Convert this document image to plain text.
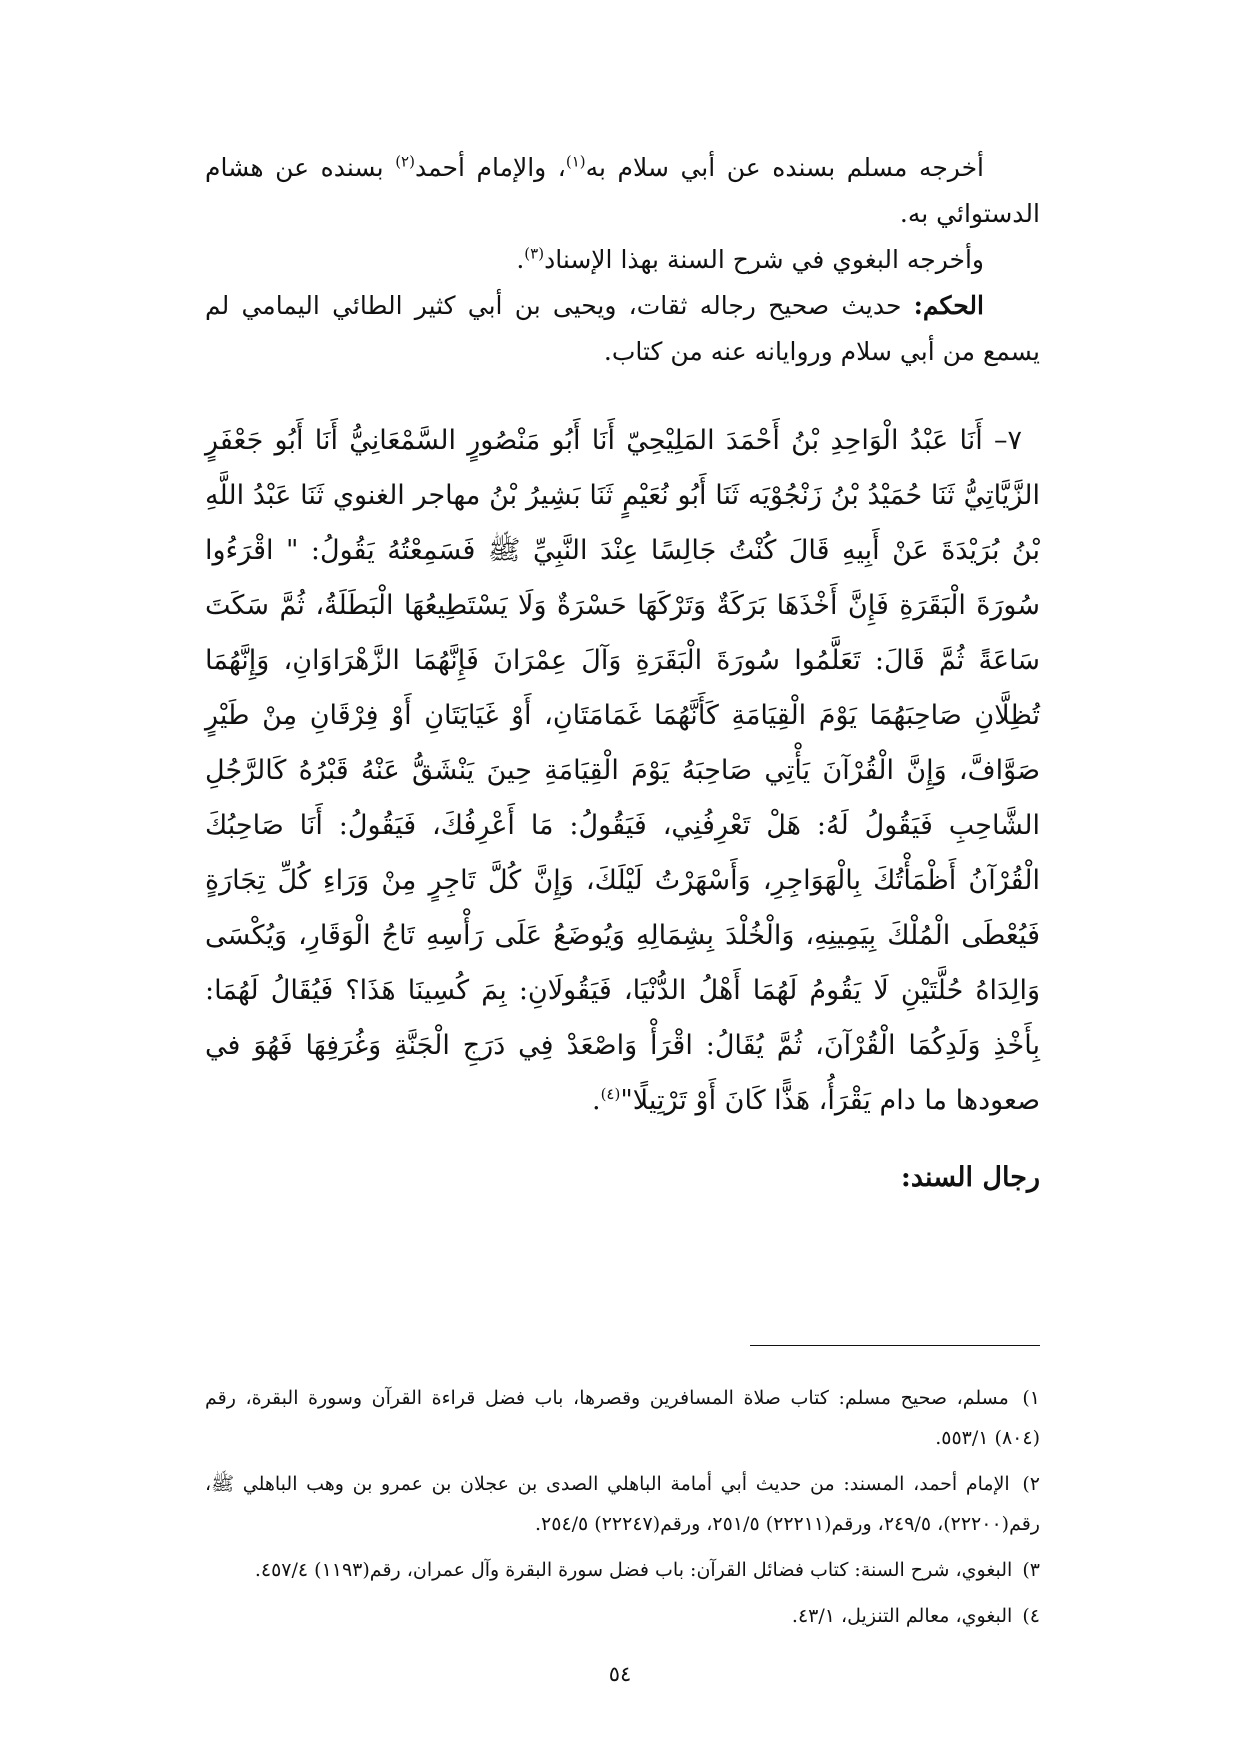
أخرجه مسلم بسنده عن أبي سلام به$^{(١)}$، والإمام أحمد$^{(٢)}$ بسنده عن هشام الدستوائي به.

وأخرجه البغوي في شرح السنة بهذا الإسناد$^{(٣)}$.

الحكم: حديث صحيح رجاله ثقات، ويحيى بن أبي كثير الطائي اليمامي لم يسمع من أبي سلام وروايانه عنه من كتاب.

٧– أَنَا عَبْدُ الْوَاحِدِ بْنُ أَحْمَدَ المَلِيْحِيّ أَنَا أَبُو مَنْصُورٍ السَّمْعَانِيُّ أَنَا أَبُو جَعْفَرٍ الزَّيَّاتِيُّ ثَنَا حُمَيْدُ بْنُ زَنْجُوْيَه ثَنَا أَبُو نُعَيْمٍ ثَنَا بَشِيرُ بْنُ مهاجر الغنوي ثَنَا عَبْدُ اللَّهِ بْنُ بُرَيْدَةَ عَنْ أَبِيهِ قَالَ كُنْتُ جَالِسًا عِنْدَ النَّبِيِّ ﷺ فَسَمِعْتُهُ يَقُولُ: " اقْرَءُوا سُورَةَ الْبَقَرَةِ فَإِنَّ أَخْذَهَا بَرَكَةٌ وَتَرْكَهَا حَسْرَةٌ وَلَا يَسْتَطِيعُهَا الْبَطَلَةُ، ثُمَّ سَكَتَ سَاعَةً ثُمَّ قَالَ: تَعَلَّمُوا سُورَةَ الْبَقَرَةِ وَآلَ عِمْرَانَ فَإِنَّهُمَا الزَّهْرَاوَانِ، وَإِنَّهُمَا تُظِلَّانِ صَاحِبَهُمَا يَوْمَ الْقِيَامَةِ كَأَنَّهُمَا غَمَامَتَانِ، أَوْ غَيَايَتَانِ أَوْ فِرْقَانِ مِنْ طَيْرٍ صَوَّافَّ، وَإِنَّ الْقُرْآنَ يَأْتِي صَاحِبَهُ يَوْمَ الْقِيَامَةِ حِينَ يَنْشَقُّ عَنْهُ قَبْرُهُ كَالرَّجُلِ الشَّاحِبِ فَيَقُولُ لَهُ: هَلْ تَعْرِفُنِي، فَيَقُولُ: مَا أَعْرِفُكَ، فَيَقُولُ: أَنَا صَاحِبُكَ الْقُرْآنُ أَظْمَأْتُكَ بِالْهَوَاجِرِ، وَأَسْهَرْتُ لَيْلَكَ، وَإِنَّ كُلَّ تَاجِرٍ مِنْ وَرَاءِ كُلِّ تِجَارَةٍ فَيُعْطَى الْمُلْكَ بِيَمِينِهِ، وَالْخُلْدَ بِشِمَالِهِ وَيُوضَعُ عَلَى رَأْسِهِ تَاجُ الْوَقَارِ، وَيُكْسَى وَالِدَاهُ حُلَّتَيْنِ لَا يَقُومُ لَهُمَا أَهْلُ الدُّنْيَا، فَيَقُولَانِ: بِمَ كُسِينَا هَذَا؟ فَيُقَالُ لَهُمَا: بِأَخْذِ وَلَدِكُمَا الْقُرْآنَ، ثُمَّ يُقَالُ: اقْرَأْ وَاصْعَدْ فِي دَرَجِ الْجَنَّةِ وَغُرَفِهَا فَهُوَ في صعودها ما دام يَقْرَأُ، هَذًّا كَانَ أَوْ تَرْتِيلًا"$^{(٤)}$.

رجال السند:

١) مسلم، صحيح مسلم: كتاب صلاة المسافرين وقصرها، باب فضل قراءة القرآن وسورة البقرة، رقم (٨٠٤) ٥٥٣/١.

٢) الإمام أحمد، المسند: من حديث أبي أمامة الباهلي الصدى بن عجلان بن عمرو بن وهب الباهلي ﷺ، رقم(٢٢٢٠٠)، ٢٤٩/٥، ورقم(٢٢٢١١) ٢٥١/٥، ورقم(٢٢٢٤٧) ٢٥٤/٥.

٣) البغوي، شرح السنة: كتاب فضائل القرآن: باب فضل سورة البقرة وآل عمران، رقم(١١٩٣) ٤٥٧/٤.

٤) البغوي، معالم التنزيل، ٤٣/١.

٥٤
